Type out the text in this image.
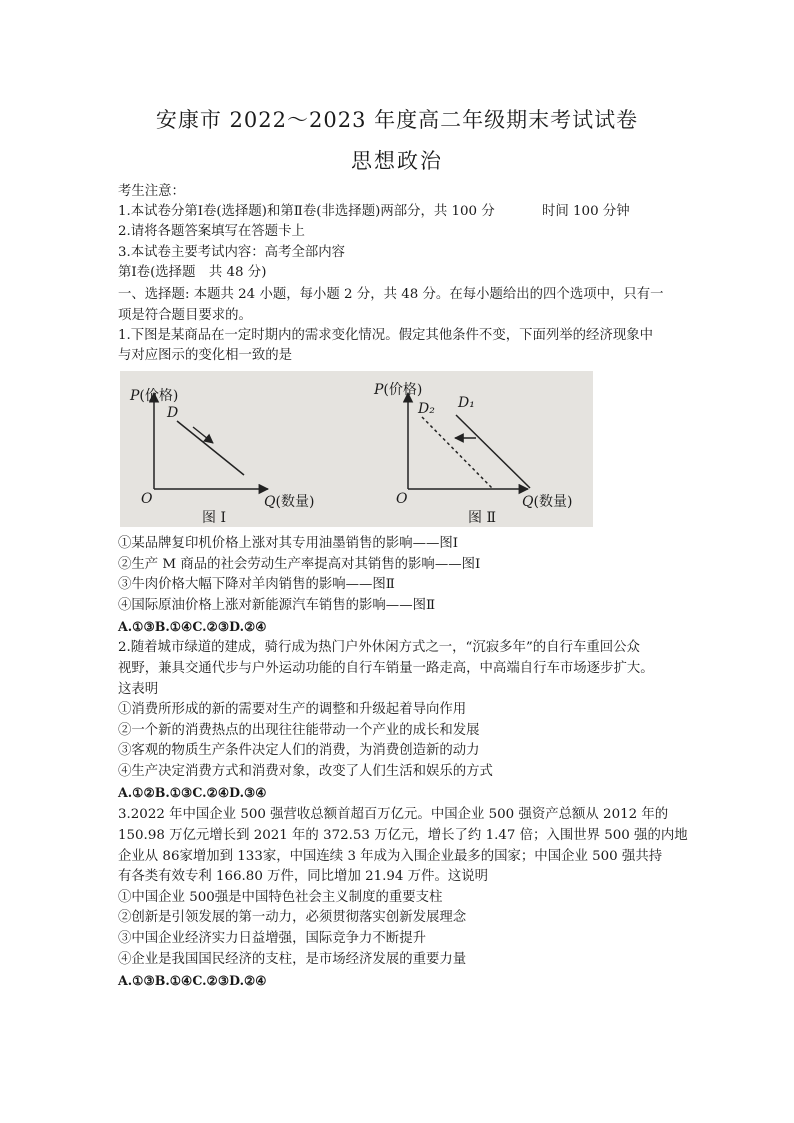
安康市 2022～2023 年度高二年级期末考试试卷
思想政治
考生注意：
1.本试卷分第Ⅰ卷(选择题)和第Ⅱ卷(非选择题)两部分，共 100 分	时间 100 分钟
2.请将各题答案填写在答题卡上
3.本试卷主要考试内容：高考全部内容
第Ⅰ卷(选择题　共 48 分)
一、选择题: 本题共 24 小题，每小题 2 分，共 48 分。在每小题给出的四个选项中，只有一
项是符合题目要求的。
1.下图是某商品在一定时期内的需求变化情况。假定其他条件不变，下面列举的经济现象中
与对应图示的变化相一致的是
P(价格)
D
O	Q(数量)
图 Ⅰ
P(价格)
D₂ D₁
O	Q(数量)
图 Ⅱ
①某品牌复印机价格上涨对其专用油墨销售的影响——图Ⅰ
②生产 M 商品的社会劳动生产率提高对其销售的影响——图Ⅰ
③牛肉价格大幅下降对羊肉销售的影响——图Ⅱ
④国际原油价格上涨对新能源汽车销售的影响——图Ⅱ
A.①③B.①④C.②③D.②④
2.随着城市绿道的建成，骑行成为热门户外休闲方式之一，“沉寂多年”的自行车重回公众
视野，兼具交通代步与户外运动功能的自行车销量一路走高，中高端自行车市场逐步扩大。
这表明
①消费所形成的新的需要对生产的调整和升级起着导向作用
②一个新的消费热点的出现往往能带动一个产业的成长和发展
③客观的物质生产条件决定人们的消费，为消费创造新的动力
④生产决定消费方式和消费对象，改变了人们生活和娱乐的方式
A.①②B.①③C.②④D.③④
3.2022 年中国企业 500 强营收总额首超百万亿元。中国企业 500 强资产总额从 2012 年的
150.98 万亿元增长到 2021 年的 372.53 万亿元，增长了约 1.47 倍；入围世界 500 强的内地
企业从 86家增加到 133家，中国连续 3 年成为入围企业最多的国家；中国企业 500 强共持
有各类有效专利 166.80 万件，同比增加 21.94 万件。这说明
①中国企业 500强是中国特色社会主义制度的重要支柱
②创新是引领发展的第一动力，必须贯彻落实创新发展理念
③中国企业经济实力日益增强，国际竞争力不断提升
④企业是我国国民经济的支柱，是市场经济发展的重要力量
A.①③B.①④C.②③D.②④
